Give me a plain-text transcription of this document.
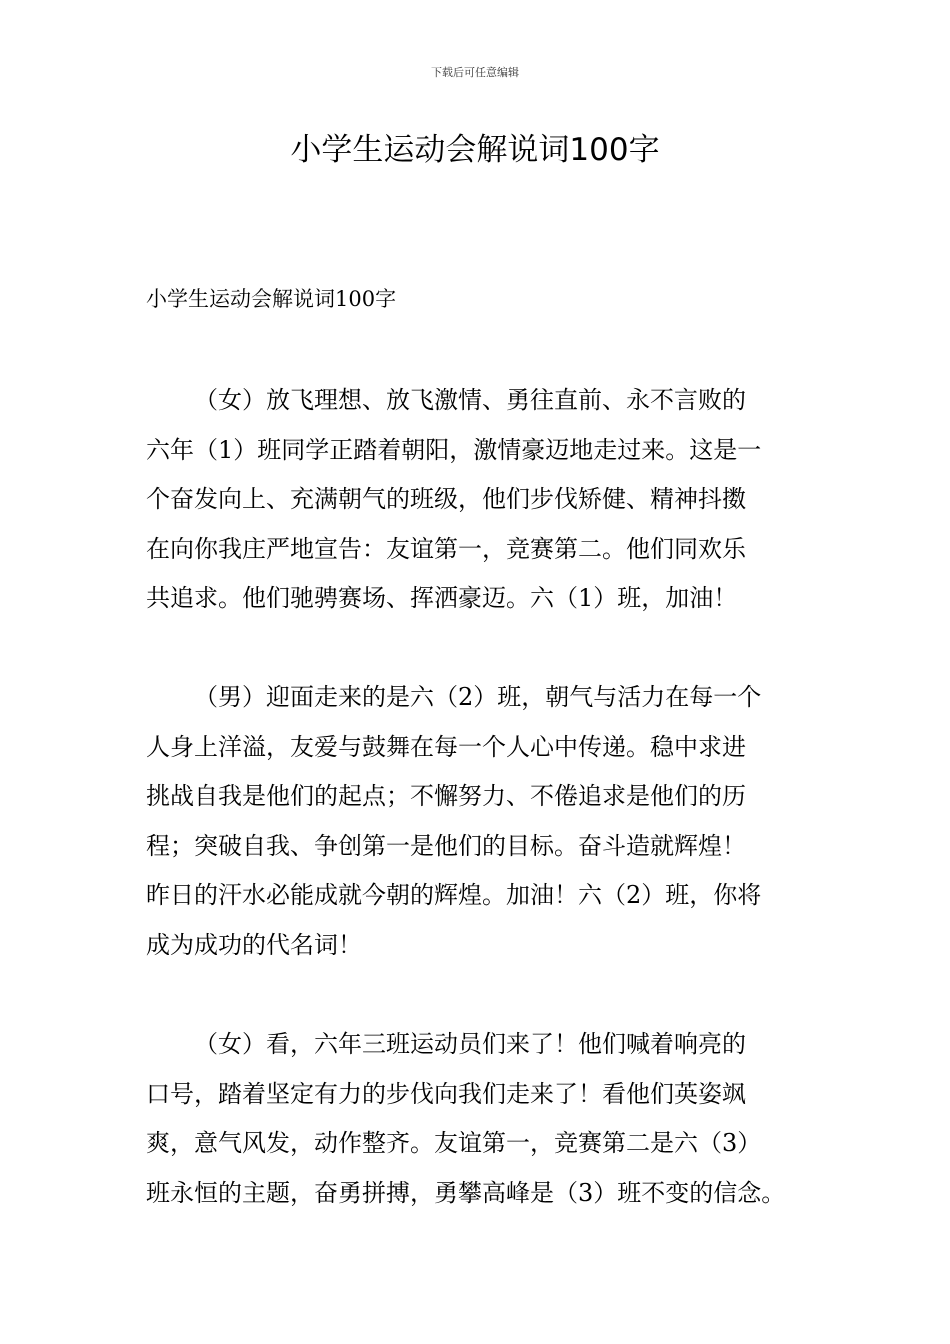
下载后可任意编辑
小学生运动会解说词100字

小学生运动会解说词100字

（女）放飞理想、放飞激情、勇往直前、永不言败的
六年（1）班同学正踏着朝阳，激情豪迈地走过来。这是一
个奋发向上、充满朝气的班级，他们步伐矫健、精神抖擞
在向你我庄严地宣告：友谊第一，竞赛第二。他们同欢乐
共追求。他们驰骋赛场、挥洒豪迈。六（1）班，加油！
（男）迎面走来的是六（2）班，朝气与活力在每一个
人身上洋溢，友爱与鼓舞在每一个人心中传递。稳中求进
挑战自我是他们的起点；不懈努力、不倦追求是他们的历
程；突破自我、争创第一是他们的目标。奋斗造就辉煌！
昨日的汗水必能成就今朝的辉煌。加油！六（2）班，你将
成为成功的代名词！
（女）看，六年三班运动员们来了！他们喊着响亮的
口号，踏着坚定有力的步伐向我们走来了！看他们英姿飒
爽，意气风发，动作整齐。友谊第一，竞赛第二是六（3）
班永恒的主题，奋勇拼搏，勇攀高峰是（3）班不变的信念。
